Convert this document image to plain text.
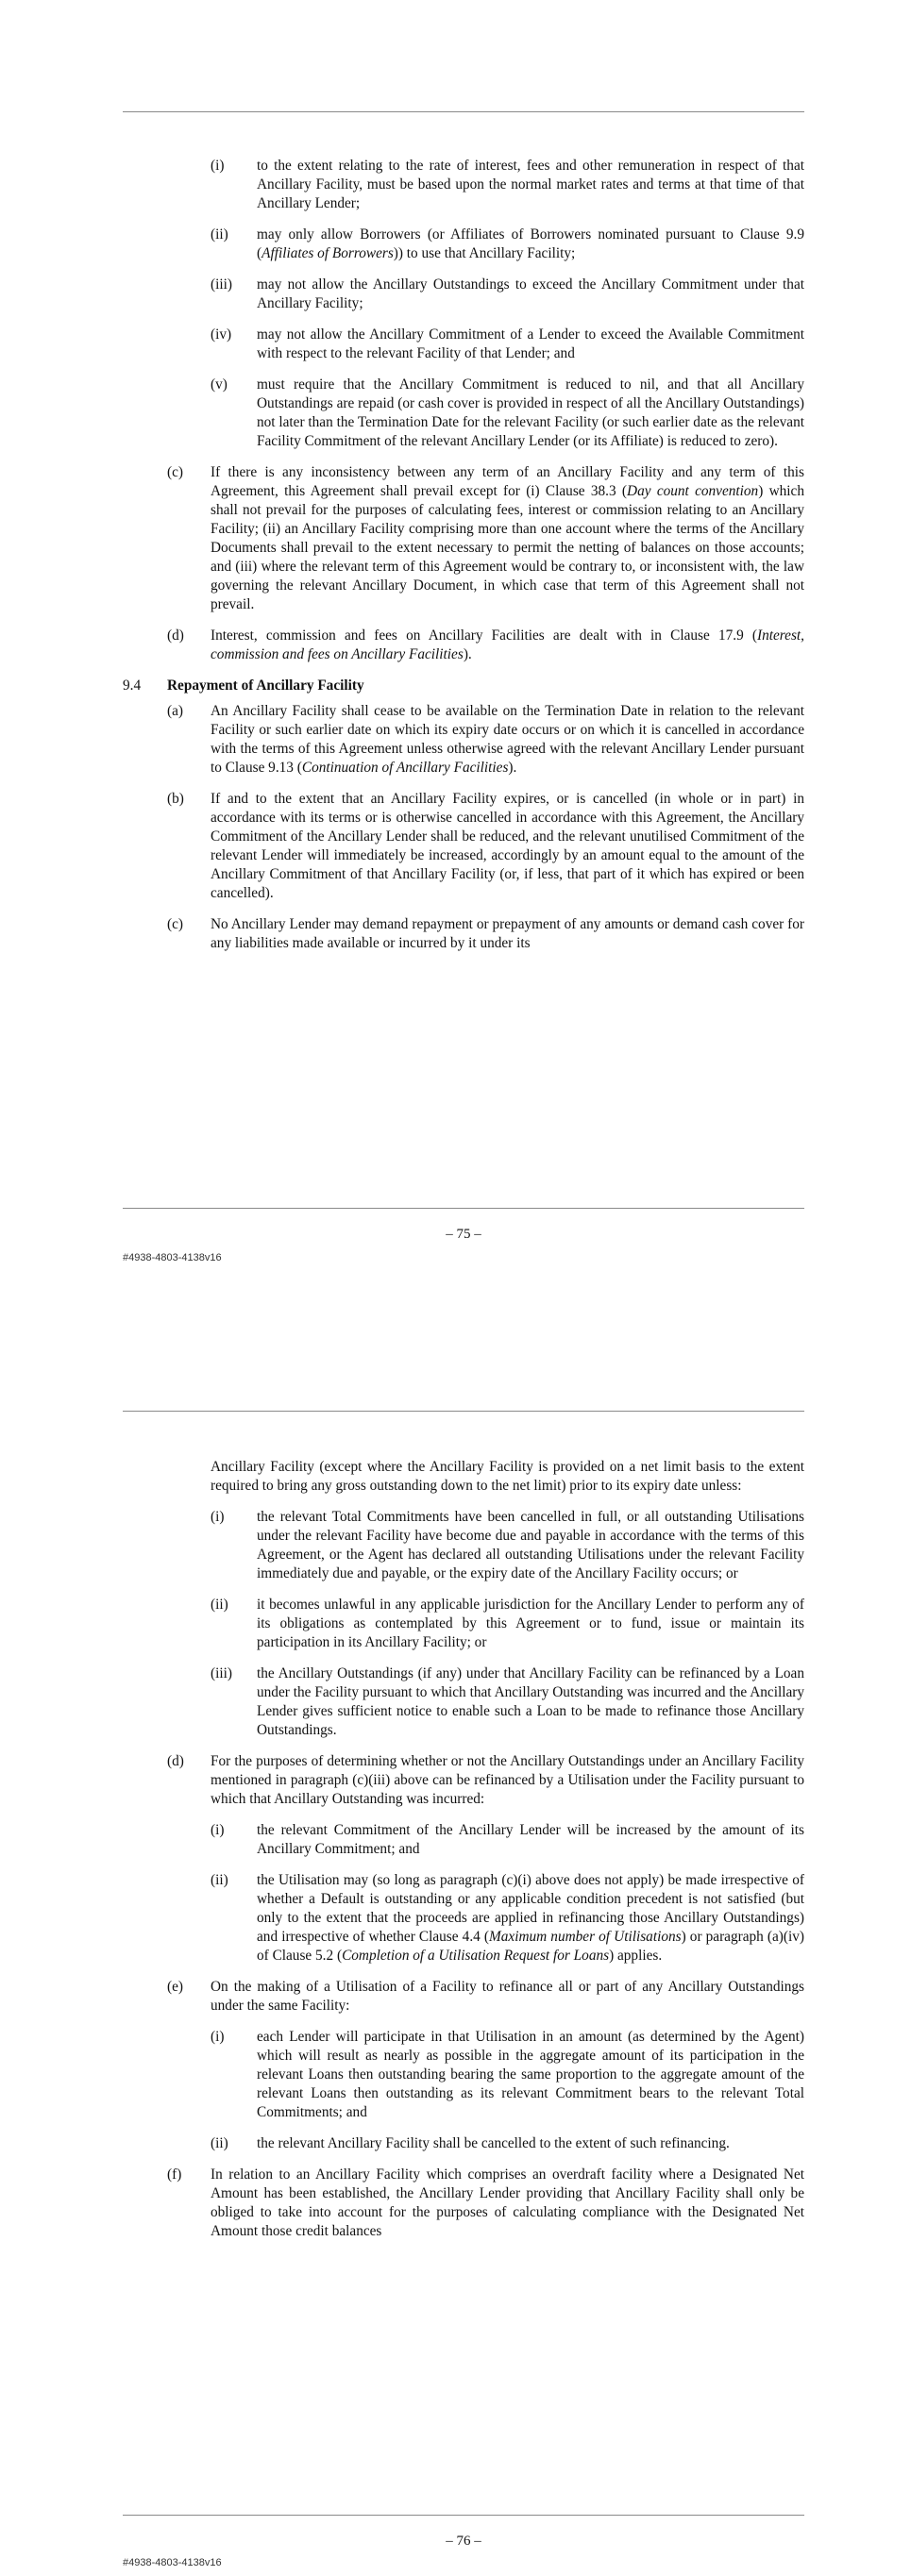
(i)	to the extent relating to the rate of interest, fees and other remuneration in respect of that Ancillary Facility, must be based upon the normal market rates and terms at that time of that Ancillary Lender;
(ii)	may only allow Borrowers (or Affiliates of Borrowers nominated pursuant to Clause 9.9 (Affiliates of Borrowers)) to use that Ancillary Facility;
(iii)	may not allow the Ancillary Outstandings to exceed the Ancillary Commitment under that Ancillary Facility;
(iv)	may not allow the Ancillary Commitment of a Lender to exceed the Available Commitment with respect to the relevant Facility of that Lender; and
(v)	must require that the Ancillary Commitment is reduced to nil, and that all Ancillary Outstandings are repaid (or cash cover is provided in respect of all the Ancillary Outstandings) not later than the Termination Date for the relevant Facility (or such earlier date as the relevant Facility Commitment of the relevant Ancillary Lender (or its Affiliate) is reduced to zero).
(c)	If there is any inconsistency between any term of an Ancillary Facility and any term of this Agreement, this Agreement shall prevail except for (i) Clause 38.3 (Day count convention) which shall not prevail for the purposes of calculating fees, interest or commission relating to an Ancillary Facility; (ii) an Ancillary Facility comprising more than one account where the terms of the Ancillary Documents shall prevail to the extent necessary to permit the netting of balances on those accounts; and (iii) where the relevant term of this Agreement would be contrary to, or inconsistent with, the law governing the relevant Ancillary Document, in which case that term of this Agreement shall not prevail.
(d)	Interest, commission and fees on Ancillary Facilities are dealt with in Clause 17.9 (Interest, commission and fees on Ancillary Facilities).
9.4	Repayment of Ancillary Facility
(a)	An Ancillary Facility shall cease to be available on the Termination Date in relation to the relevant Facility or such earlier date on which its expiry date occurs or on which it is cancelled in accordance with the terms of this Agreement unless otherwise agreed with the relevant Ancillary Lender pursuant to Clause 9.13 (Continuation of Ancillary Facilities).
(b)	If and to the extent that an Ancillary Facility expires, or is cancelled (in whole or in part) in accordance with its terms or is otherwise cancelled in accordance with this Agreement, the Ancillary Commitment of the Ancillary Lender shall be reduced, and the relevant unutilised Commitment of the relevant Lender will immediately be increased, accordingly by an amount equal to the amount of the Ancillary Commitment of that Ancillary Facility (or, if less, that part of it which has expired or been cancelled).
(c)	No Ancillary Lender may demand repayment or prepayment of any amounts or demand cash cover for any liabilities made available or incurred by it under its
– 75 –
#4938-4803-4138v16
Ancillary Facility (except where the Ancillary Facility is provided on a net limit basis to the extent required to bring any gross outstanding down to the net limit) prior to its expiry date unless:
(i)	the relevant Total Commitments have been cancelled in full, or all outstanding Utilisations under the relevant Facility have become due and payable in accordance with the terms of this Agreement, or the Agent has declared all outstanding Utilisations under the relevant Facility immediately due and payable, or the expiry date of the Ancillary Facility occurs; or
(ii)	it becomes unlawful in any applicable jurisdiction for the Ancillary Lender to perform any of its obligations as contemplated by this Agreement or to fund, issue or maintain its participation in its Ancillary Facility; or
(iii)	the Ancillary Outstandings (if any) under that Ancillary Facility can be refinanced by a Loan under the Facility pursuant to which that Ancillary Outstanding was incurred and the Ancillary Lender gives sufficient notice to enable such a Loan to be made to refinance those Ancillary Outstandings.
(d)	For the purposes of determining whether or not the Ancillary Outstandings under an Ancillary Facility mentioned in paragraph (c)(iii) above can be refinanced by a Utilisation under the Facility pursuant to which that Ancillary Outstanding was incurred:
(i)	the relevant Commitment of the Ancillary Lender will be increased by the amount of its Ancillary Commitment; and
(ii)	the Utilisation may (so long as paragraph (c)(i) above does not apply) be made irrespective of whether a Default is outstanding or any applicable condition precedent is not satisfied (but only to the extent that the proceeds are applied in refinancing those Ancillary Outstandings) and irrespective of whether Clause 4.4 (Maximum number of Utilisations) or paragraph (a)(iv) of Clause 5.2 (Completion of a Utilisation Request for Loans) applies.
(e)	On the making of a Utilisation of a Facility to refinance all or part of any Ancillary Outstandings under the same Facility:
(i)	each Lender will participate in that Utilisation in an amount (as determined by the Agent) which will result as nearly as possible in the aggregate amount of its participation in the relevant Loans then outstanding bearing the same proportion to the aggregate amount of the relevant Loans then outstanding as its relevant Commitment bears to the relevant Total Commitments; and
(ii)	the relevant Ancillary Facility shall be cancelled to the extent of such refinancing.
(f)	In relation to an Ancillary Facility which comprises an overdraft facility where a Designated Net Amount has been established, the Ancillary Lender providing that Ancillary Facility shall only be obliged to take into account for the purposes of calculating compliance with the Designated Net Amount those credit balances
– 76 –
#4938-4803-4138v16
